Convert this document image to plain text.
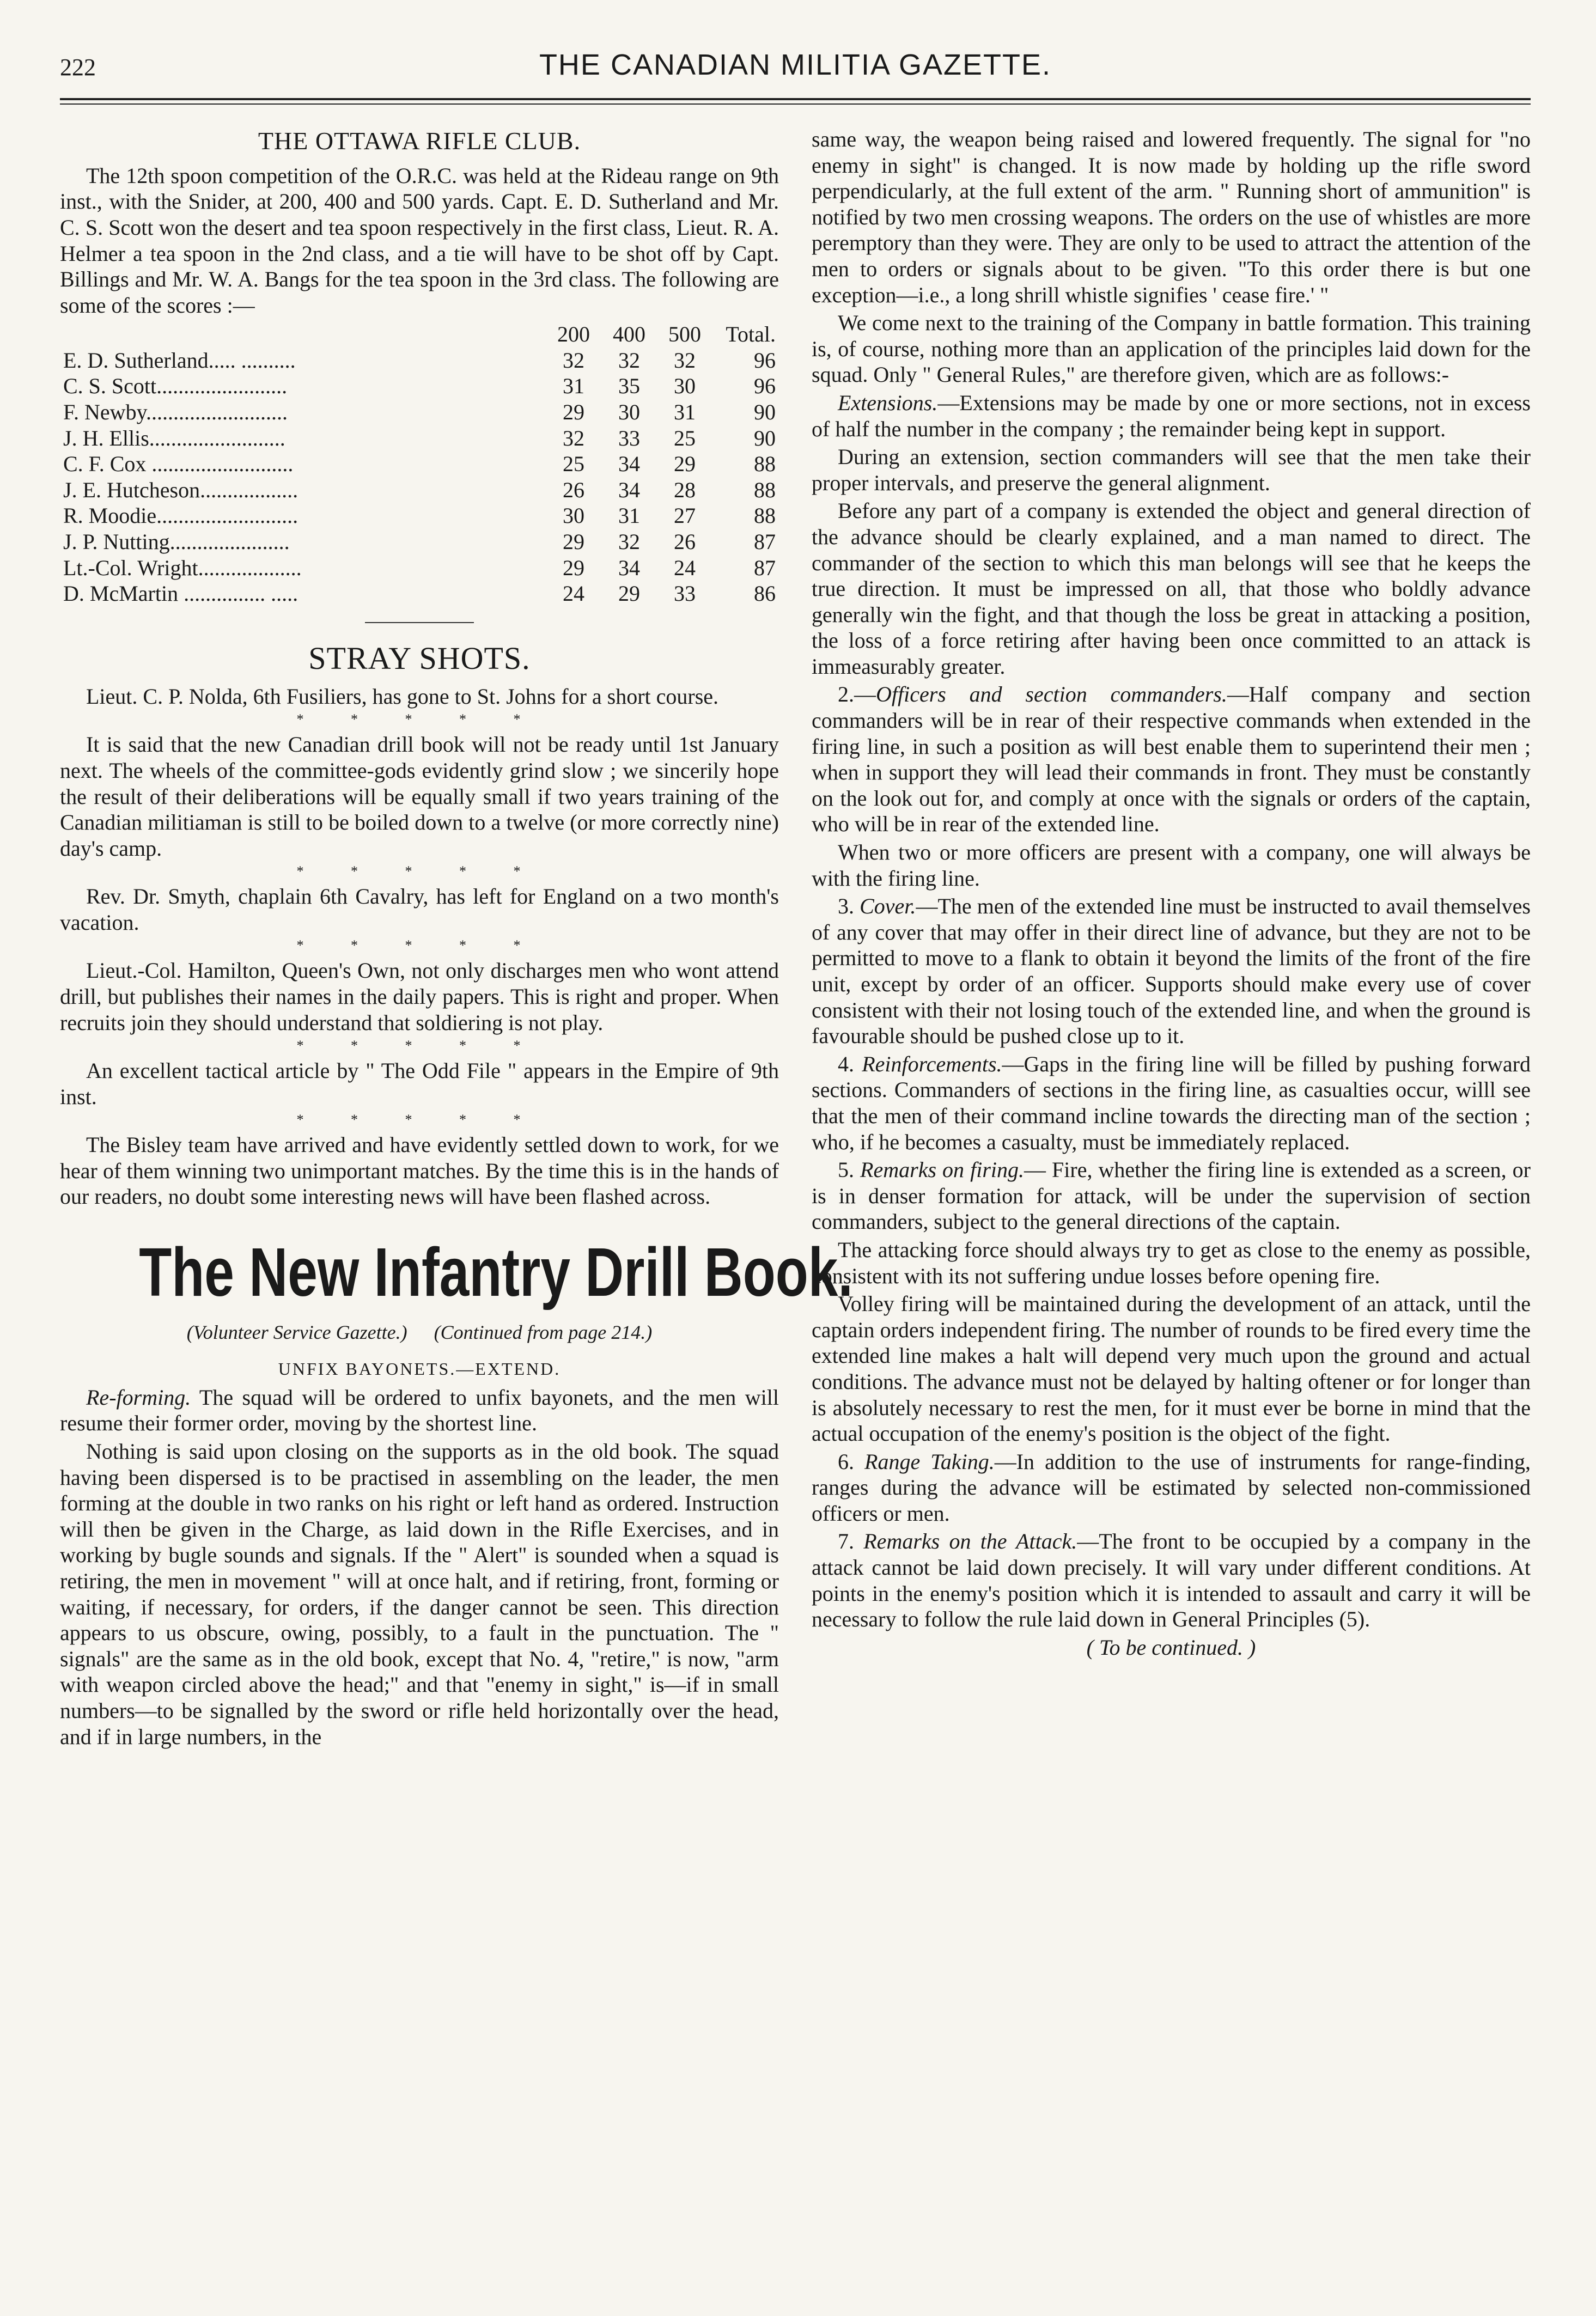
222	THE CANADIAN MILITIA GAZETTE.
THE OTTAWA RIFLE CLUB.

The 12th spoon competition of the O.R.C. was held at the Rideau range on 9th inst., with the Snider, at 200, 400 and 500 yards. Capt. E. D. Sutherland and Mr. C. S. Scott won the desert and tea spoon respectively in the first class, Lieut. R. A. Helmer a tea spoon in the 2nd class, and a tie will have to be shot off by Capt. Billings and Mr. W. A. Bangs for the tea spoon in the 3rd class. The following are some of the scores :—

	200	400	500	Total.
E. D. Sutherland..... ..........	32	32	32	96
C. S. Scott........................	31	35	30	96
F. Newby..........................	29	30	31	90
J. H. Ellis.........................	32	33	25	90
C. F. Cox ..........................	25	34	29	88
J. E. Hutcheson..................	26	34	28	88
R. Moodie..........................	30	31	27	88
J. P. Nutting......................	29	32	26	87
Lt.-Col. Wright...................	29	34	24	87
D. McMartin ............... .....	24	29	33	86
STRAY SHOTS.

Lieut. C. P. Nolda, 6th Fusiliers, has gone to St. Johns for a short course.

* * * * *

It is said that the new Canadian drill book will not be ready until 1st January next. The wheels of the committee-gods evidently grind slow ; we sincerily hope the result of their deliberations will be equally small if two years training of the Canadian militiaman is still to be boiled down to a twelve (or more correctly nine) day's camp.

* * * * *

Rev. Dr. Smyth, chaplain 6th Cavalry, has left for England on a two month's vacation.

* * * * *

Lieut.-Col. Hamilton, Queen's Own, not only discharges men who wont attend drill, but publishes their names in the daily papers. This is right and proper. When recruits join they should understand that soldiering is not play.

* * * * *

An excellent tactical article by " The Odd File " appears in the Empire of 9th inst.

* * * * *

The Bisley team have arrived and have evidently settled down to work, for we hear of them winning two unimportant matches. By the time this is in the hands of our readers, no doubt some interesting news will have been flashed across.

The New Infantry Drill Book.
(Volunteer Service Gazette.) (Continued from page 214.)
UNFIX BAYONETS.—EXTEND.

Re-forming. The squad will be ordered to unfix bayonets, and the men will resume their former order, moving by the shortest line.

Nothing is said upon closing on the supports as in the old book. The squad having been dispersed is to be practised in assembling on the leader, the men forming at the double in two ranks on his right or left hand as ordered. Instruction will then be given in the Charge, as laid down in the Rifle Exercises, and in working by bugle sounds and signals. If the " Alert" is sounded when a squad is retiring, the men in movement " will at once halt, and if retiring, front, forming or waiting, if necessary, for orders, if the danger cannot be seen. This direction appears to us obscure, owing, possibly, to a fault in the punctuation. The " signals" are the same as in the old book, except that No. 4, "retire," is now, "arm with weapon circled above the head;" and that "enemy in sight," is—if in small numbers—to be signalled by the sword or rifle held horizontally over the head, and if in large numbers, in the

same way, the weapon being raised and lowered frequently. The signal for "no enemy in sight" is changed. It is now made by holding up the rifle sword perpendicularly, at the full extent of the arm. " Running short of ammunition" is notified by two men crossing weapons. The orders on the use of whistles are more peremptory than they were. They are only to be used to attract the attention of the men to orders or signals about to be given. "To this order there is but one exception—i.e., a long shrill whistle signifies ' cease fire.' "

We come next to the training of the Company in battle formation. This training is, of course, nothing more than an application of the principles laid down for the squad. Only " General Rules," are therefore given, which are as follows:-

Extensions.—Extensions may be made by one or more sections, not in excess of half the number in the company ; the remainder being kept in support.

During an extension, section commanders will see that the men take their proper intervals, and preserve the general alignment.

Before any part of a company is extended the object and general direction of the advance should be clearly explained, and a man named to direct. The commander of the section to which this man belongs will see that he keeps the true direction. It must be impressed on all, that those who boldly advance generally win the fight, and that though the loss be great in attacking a position, the loss of a force retiring after having been once committed to an attack is immeasurably greater.

2.—Officers and section commanders.—Half company and section commanders will be in rear of their respective commands when extended in the firing line, in such a position as will best enable them to superintend their men ; when in support they will lead their commands in front. They must be constantly on the look out for, and comply at once with the signals or orders of the captain, who will be in rear of the extended line.

When two or more officers are present with a company, one will always be with the firing line.

3. Cover.—The men of the extended line must be instructed to avail themselves of any cover that may offer in their direct line of advance, but they are not to be permitted to move to a flank to obtain it beyond the limits of the front of the fire unit, except by order of an officer. Supports should make every use of cover consistent with their not losing touch of the extended line, and when the ground is favourable should be pushed close up to it.

4. Reinforcements.—Gaps in the firing line will be filled by pushing forward sections. Commanders of sections in the firing line, as casualties occur, willl see that the men of their command incline towards the directing man of the section ; who, if he becomes a casualty, must be immediately replaced.

5. Remarks on firing.— Fire, whether the firing line is extended as a screen, or is in denser formation for attack, will be under the supervision of section commanders, subject to the general directions of the captain.

The attacking force should always try to get as close to the enemy as possible, consistent with its not suffering undue losses before opening fire.

Volley firing will be maintained during the development of an attack, until the captain orders independent firing. The number of rounds to be fired every time the extended line makes a halt will depend very much upon the ground and actual conditions. The advance must not be delayed by halting oftener or for longer than is absolutely necessary to rest the men, for it must ever be borne in mind that the actual occupation of the enemy's position is the object of the fight.

6. Range Taking.—In addition to the use of instruments for range-finding, ranges during the advance will be estimated by selected non-commissioned officers or men.

7. Remarks on the Attack.—The front to be occupied by a company in the attack cannot be laid down precisely. It will vary under different conditions. At points in the enemy's position which it is intended to assault and carry it will be necessary to follow the rule laid down in General Principles (5).

( To be continued. )
